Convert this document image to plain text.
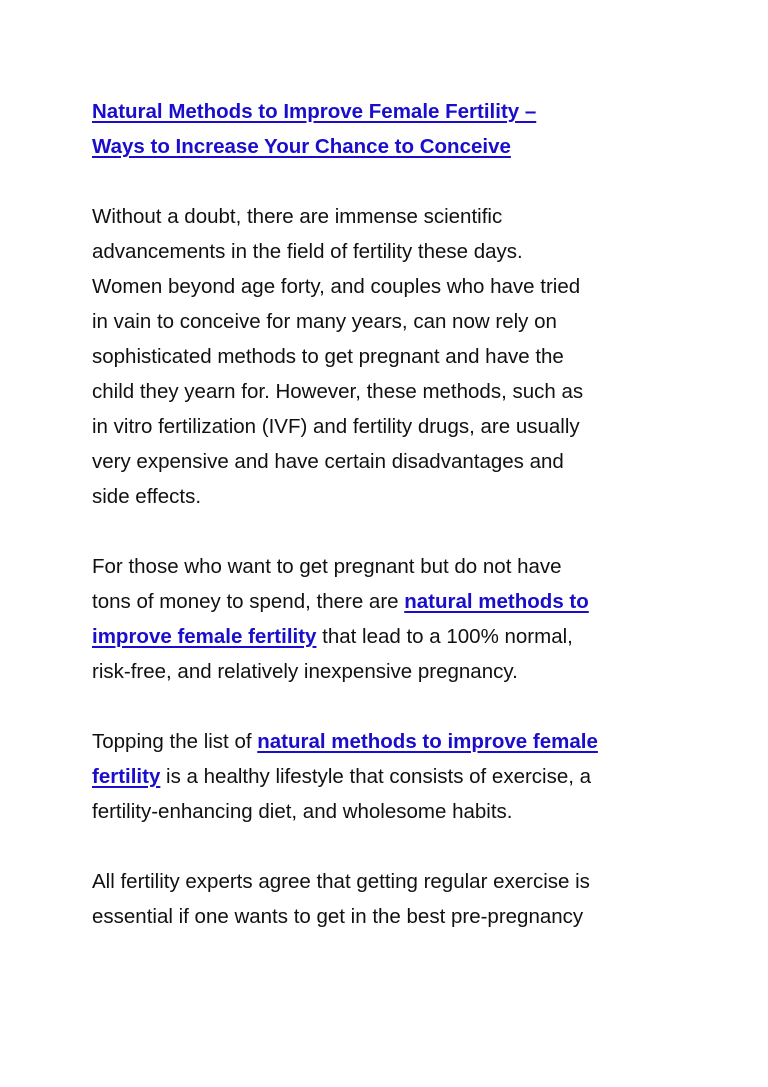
Natural Methods to Improve Female Fertility –
Ways to Increase Your Chance to Conceive

Without a doubt, there are immense scientific
advancements in the field of fertility these days.
Women beyond age forty, and couples who have tried
in vain to conceive for many years, can now rely on
sophisticated methods to get pregnant and have the
child they yearn for. However, these methods, such as
in vitro fertilization (IVF) and fertility drugs, are usually
very expensive and have certain disadvantages and
side effects.

For those who want to get pregnant but do not have
tons of money to spend, there are natural methods to
improve female fertility that lead to a 100% normal,
risk-free, and relatively inexpensive pregnancy.

Topping the list of natural methods to improve female
fertility is a healthy lifestyle that consists of exercise, a
fertility-enhancing diet, and wholesome habits.

All fertility experts agree that getting regular exercise is
essential if one wants to get in the best pre-pregnancy
